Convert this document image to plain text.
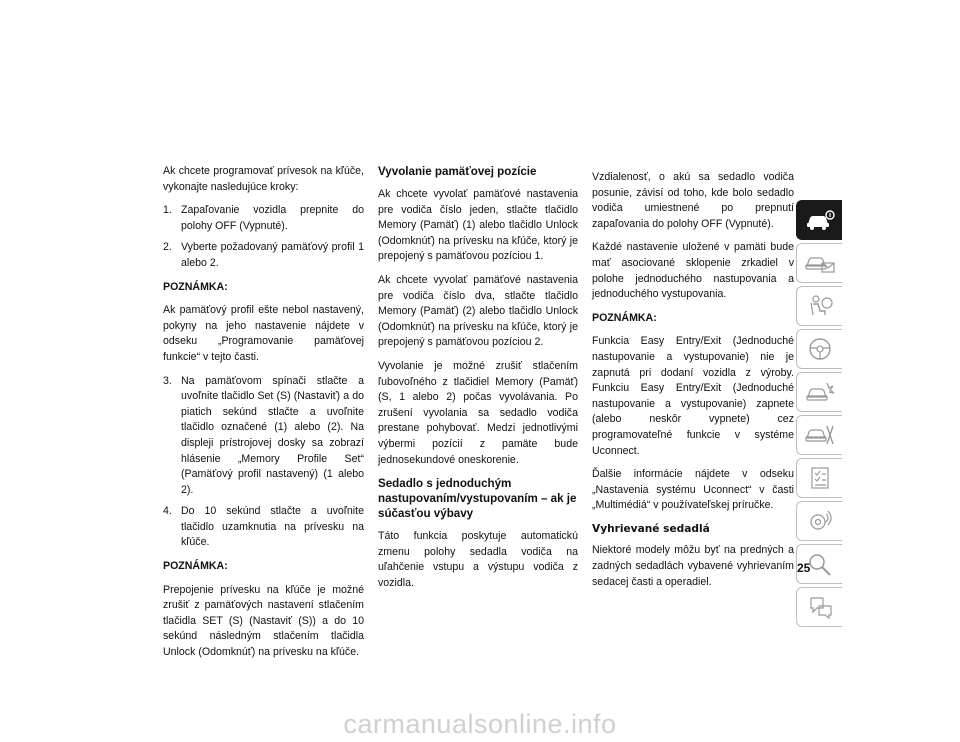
Ak chcete programovať prívesok na kľúče, vykonajte nasledujúce kroky:

1. Zapaľovanie vozidla prepnite do polohy OFF (Vypnuté).
2. Vyberte požadovaný pamäťový profil 1 alebo 2.

POZNÁMKA:

Ak pamäťový profil ešte nebol nastavený, pokyny na jeho nastavenie nájdete v odseku „Programovanie pamäťovej funkcie“ v tejto časti.

3. Na pamäťovom spínači stlačte a uvoľnite tlačidlo Set (S) (Nastaviť) a do piatich sekúnd stlačte a uvoľnite tlačidlo označené (1) alebo (2). Na displeji prístrojovej dosky sa zobrazí hlásenie „Memory Profile Set“ (Pamäťový profil nastavený) (1 alebo 2).
4. Do 10 sekúnd stlačte a uvoľnite tlačidlo uzamknutia na prívesku na kľúče.

POZNÁMKA:

Prepojenie prívesku na kľúče je možné zrušiť z pamäťových nastavení stlačením tlačidla SET (S) (Nastaviť (S)) a do 10 sekúnd následným stlačením tlačidla Unlock (Odomknúť) na prívesku na kľúče.

Vyvolanie pamäťovej pozície

Ak chcete vyvolať pamäťové nastavenia pre vodiča číslo jeden, stlačte tlačidlo Memory (Pamäť) (1) alebo tlačidlo Unlock (Odomknúť) na prívesku na kľúče, ktorý je prepojený s pamäťovou pozíciou 1.

Ak chcete vyvolať pamäťové nastavenia pre vodiča číslo dva, stlačte tlačidlo Memory (Pamäť) (2) alebo tlačidlo Unlock (Odomknúť) na prívesku na kľúče, ktorý je prepojený s pamäťovou pozíciou 2.

Vyvolanie je možné zrušiť stlačením ľubovoľného z tlačidiel Memory (Pamäť) (S, 1 alebo 2) počas vyvolávania. Po zrušení vyvolania sa sedadlo vodiča prestane pohybovať. Medzi jednotlivými výbermi pozícií z pamäte bude jednosekundové oneskorenie.

Sedadlo s jednoduchým nastupovaním/vystupovaním – ak je súčasťou výbavy

Táto funkcia poskytuje automatickú zmenu polohy sedadla vodiča na uľahčenie vstupu a výstupu vodiča z vozidla.

Vzdialenosť, o akú sa sedadlo vodiča posunie, závisí od toho, kde bolo sedadlo vodiča umiestnené po prepnutí zapaľovania do polohy OFF (Vypnuté).

Každé nastavenie uložené v pamäti bude mať asociované sklopenie zrkadiel v polohe jednoduchého nastupovania a jednoduchého vystupovania.

POZNÁMKA:

Funkcia Easy Entry/Exit (Jednoduché nastupovanie a vystupovanie) nie je zapnutá pri dodaní vozidla z výroby. Funkciu Easy Entry/Exit (Jednoduché nastupovanie a vystupovanie) zapnete (alebo neskôr vypnete) cez programovateľné funkcie v systéme Uconnect.

Ďalšie informácie nájdete v odseku „Nastavenia systému Uconnect“ v časti „Multimédiá“ v používateľskej príručke.

Vyhrievané sedadlá

Niektoré modely môžu byť na predných a zadných sedadlách vybavené vyhrievaním sedacej časti a operadiel.

25
carmanualsonline.info
